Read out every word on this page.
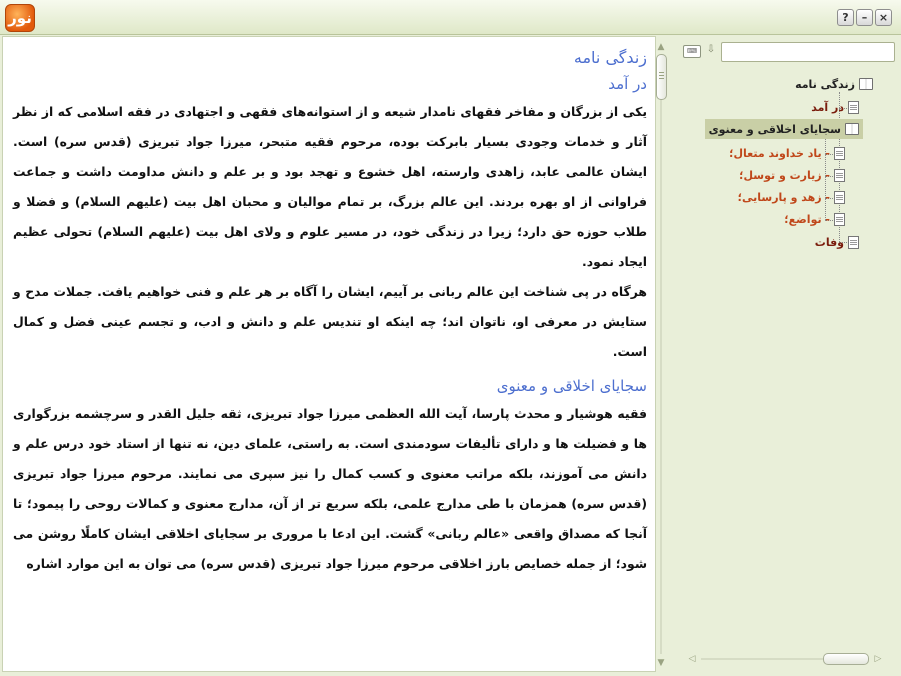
نور	?	–	×

زندگی نامه

در آمد

یکی از بزرگان و مفاخر فقهای نامدار شیعه و از استوانه‌های فقهی و اجتهادی در فقه اسلامی که از نظر آثار و خدمات وجودی بسیار بابرکت بوده، مرحوم فقیه متبحر، میرزا جواد تبریزی (قدس سره) است. ایشان عالمی عابد، زاهدی وارسته، اهل خشوع و تهجد بود و بر علم و دانش مداومت داشت و جماعت فراوانی از او بهره بردند. این عالم بزرگ، بر تمام موالیان و محبان اهل بیت (علیهم السلام) و فضلا و طلاب حوزه حق دارد؛ زیرا در زندگی خود، در مسیر علوم و ولای اهل بیت (علیهم السلام) تحولی عظیم ایجاد نمود.

هرگاه در پی شناخت این عالم ربانی بر آییم، ایشان را آگاه بر هر علم و فنی خواهیم یافت. جملات مدح و ستایش در معرفی او، ناتوان اند؛ چه اینکه او تندیس علم و دانش و ادب، و تجسم عینی فضل و کمال است.

سجایای اخلاقی و معنوی

فقیه هوشیار و محدث پارسا، آیت الله العظمی میرزا جواد تبریزی، ثقه جلیل القدر و سرچشمه بزرگواری ها و فضیلت ها و دارای تألیفات سودمندی است. به راستی، علمای دین، نه تنها از استاد خود درس علم و دانش می آموزند، بلکه مراتب معنوی و کسب کمال را نیز سپری می نمایند. مرحوم میرزا جواد تبریزی (قدس سره) همزمان با طی مدارج علمی، بلکه سریع تر از آن، مدارج معنوی و کمالات روحی را پیمود؛ تا آنجا که مصداق واقعی «عالم ربانی» گشت. این ادعا با مروری بر سجایای اخلاقی ایشان کاملًا روشن می شود؛ از جمله خصایص بارز اخلاقی مرحوم میرزا جواد تبریزی (قدس سره) می توان به این موارد اشاره

▲
▼
⌨ ⇩
زندگی نامه
در آمد
سجایای اخلاقی و معنوی
- یاد خداوند متعال؛
- زیارت و توسل؛
- زهد و پارسایی؛
- تواضع؛
وفات
◁	▷
